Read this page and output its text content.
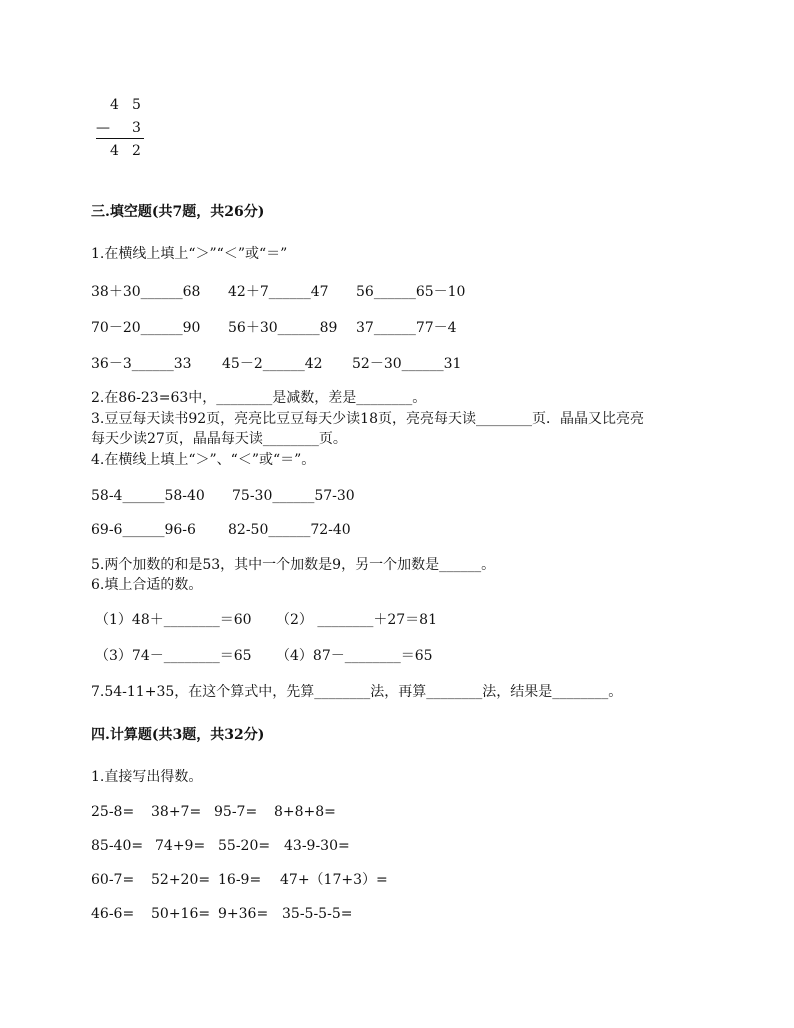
4 5
— 3
4 2
三.填空题(共7题，共26分)
1.在横线上填上“＞”“＜”或“＝”
38＋30______68 42＋7______47 56______65－10
70－20______90 56＋30______89 37______77－4
36－3______33 45－2______42 52－30______31
2.在86-23=63中，________是减数，差是________。
3.豆豆每天读书92页，亮亮比豆豆每天少读18页，亮亮每天读________页．晶晶又比亮亮
每天少读27页，晶晶每天读________页。
4.在横线上填上“＞”、“＜”或“＝”。
58-4______58-40 75-30______57-30
69-6______96-6 82-50______72-40
5.两个加数的和是53，其中一个加数是9，另一个加数是______。
6.填上合适的数。
（1）48＋________＝60 （2） ________＋27＝81
（3）74－________＝65 （4）87－________＝65
7.54-11+35，在这个算式中，先算________法，再算________法，结果是________。
四.计算题(共3题，共32分)
1.直接写出得数。
25-8= 38+7= 95-7= 8+8+8=
85-40= 74+9= 55-20= 43-9-30=
60-7= 52+20= 16-9= 47+（17+3）=
46-6= 50+16= 9+36= 35-5-5-5=
